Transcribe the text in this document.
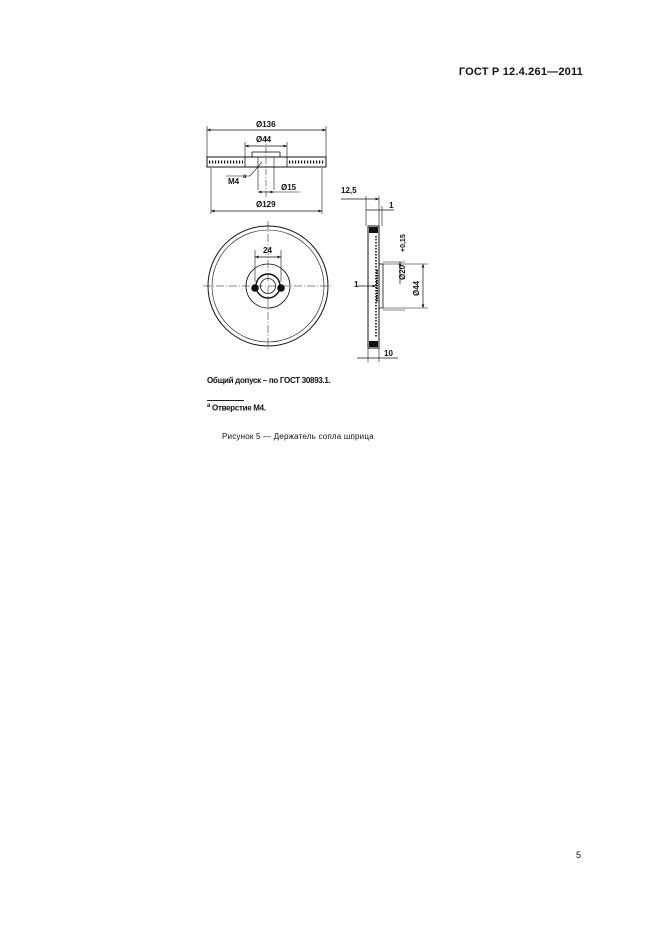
ГОСТ Р 12.4.261—2011
Ø136
Ø44
М4 а
Ø15
Ø129
24
12,5
1
Ø20
+0,15
Ø44
1
10
Общий допуск – по ГОСТ 30893.1.
$^а$ Отверстие М4.
Рисунок 5 — Держатель сопла шприца
5
